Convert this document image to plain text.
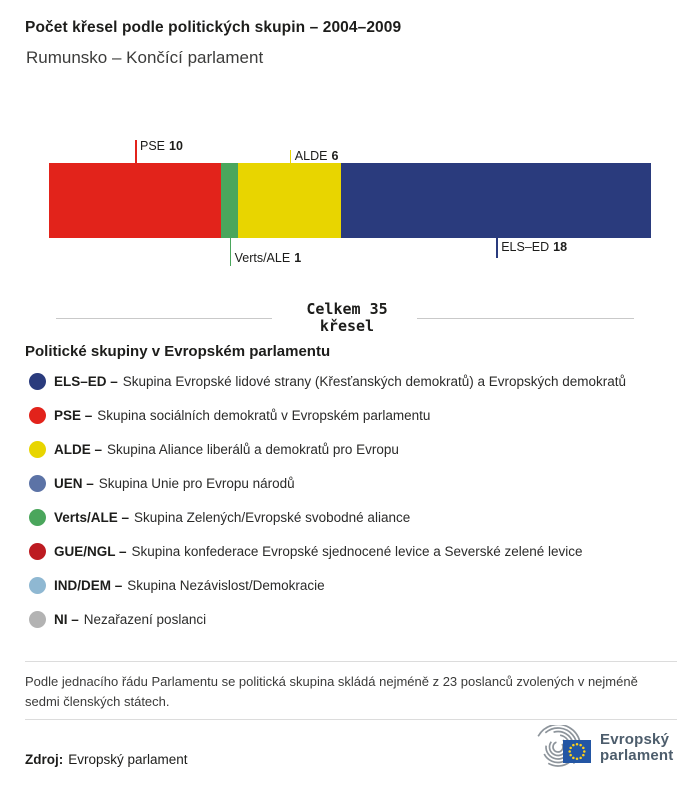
Počet křesel podle politických skupin – 2004–2009
Rumunsko – Končící parlament
PSE 10
Verts/ALE 1
ALDE 6
ELS–ED 18
Celkem 35
křesel
Politické skupiny v Evropském parlamentu
ELS–ED – Skupina Evropské lidové strany (Křesťanských demokratů) a Evropských demokratů
PSE – Skupina sociálních demokratů v Evropském parlamentu
ALDE – Skupina Aliance liberálů a demokratů pro Evropu
UEN – Skupina Unie pro Evropu národů
Verts/ALE – Skupina Zelených/Evropské svobodné aliance
GUE/NGL – Skupina konfederace Evropské sjednocené levice a Severské zelené levice
IND/DEM – Skupina Nezávislost/Demokracie
NI – Nezařazení poslanci
Podle jednacího řádu Parlamentu se politická skupina skládá nejméně z 23 poslanců zvolených v nejméně sedmi členských státech.
Zdroj: Evropský parlament
Evropský
parlament
